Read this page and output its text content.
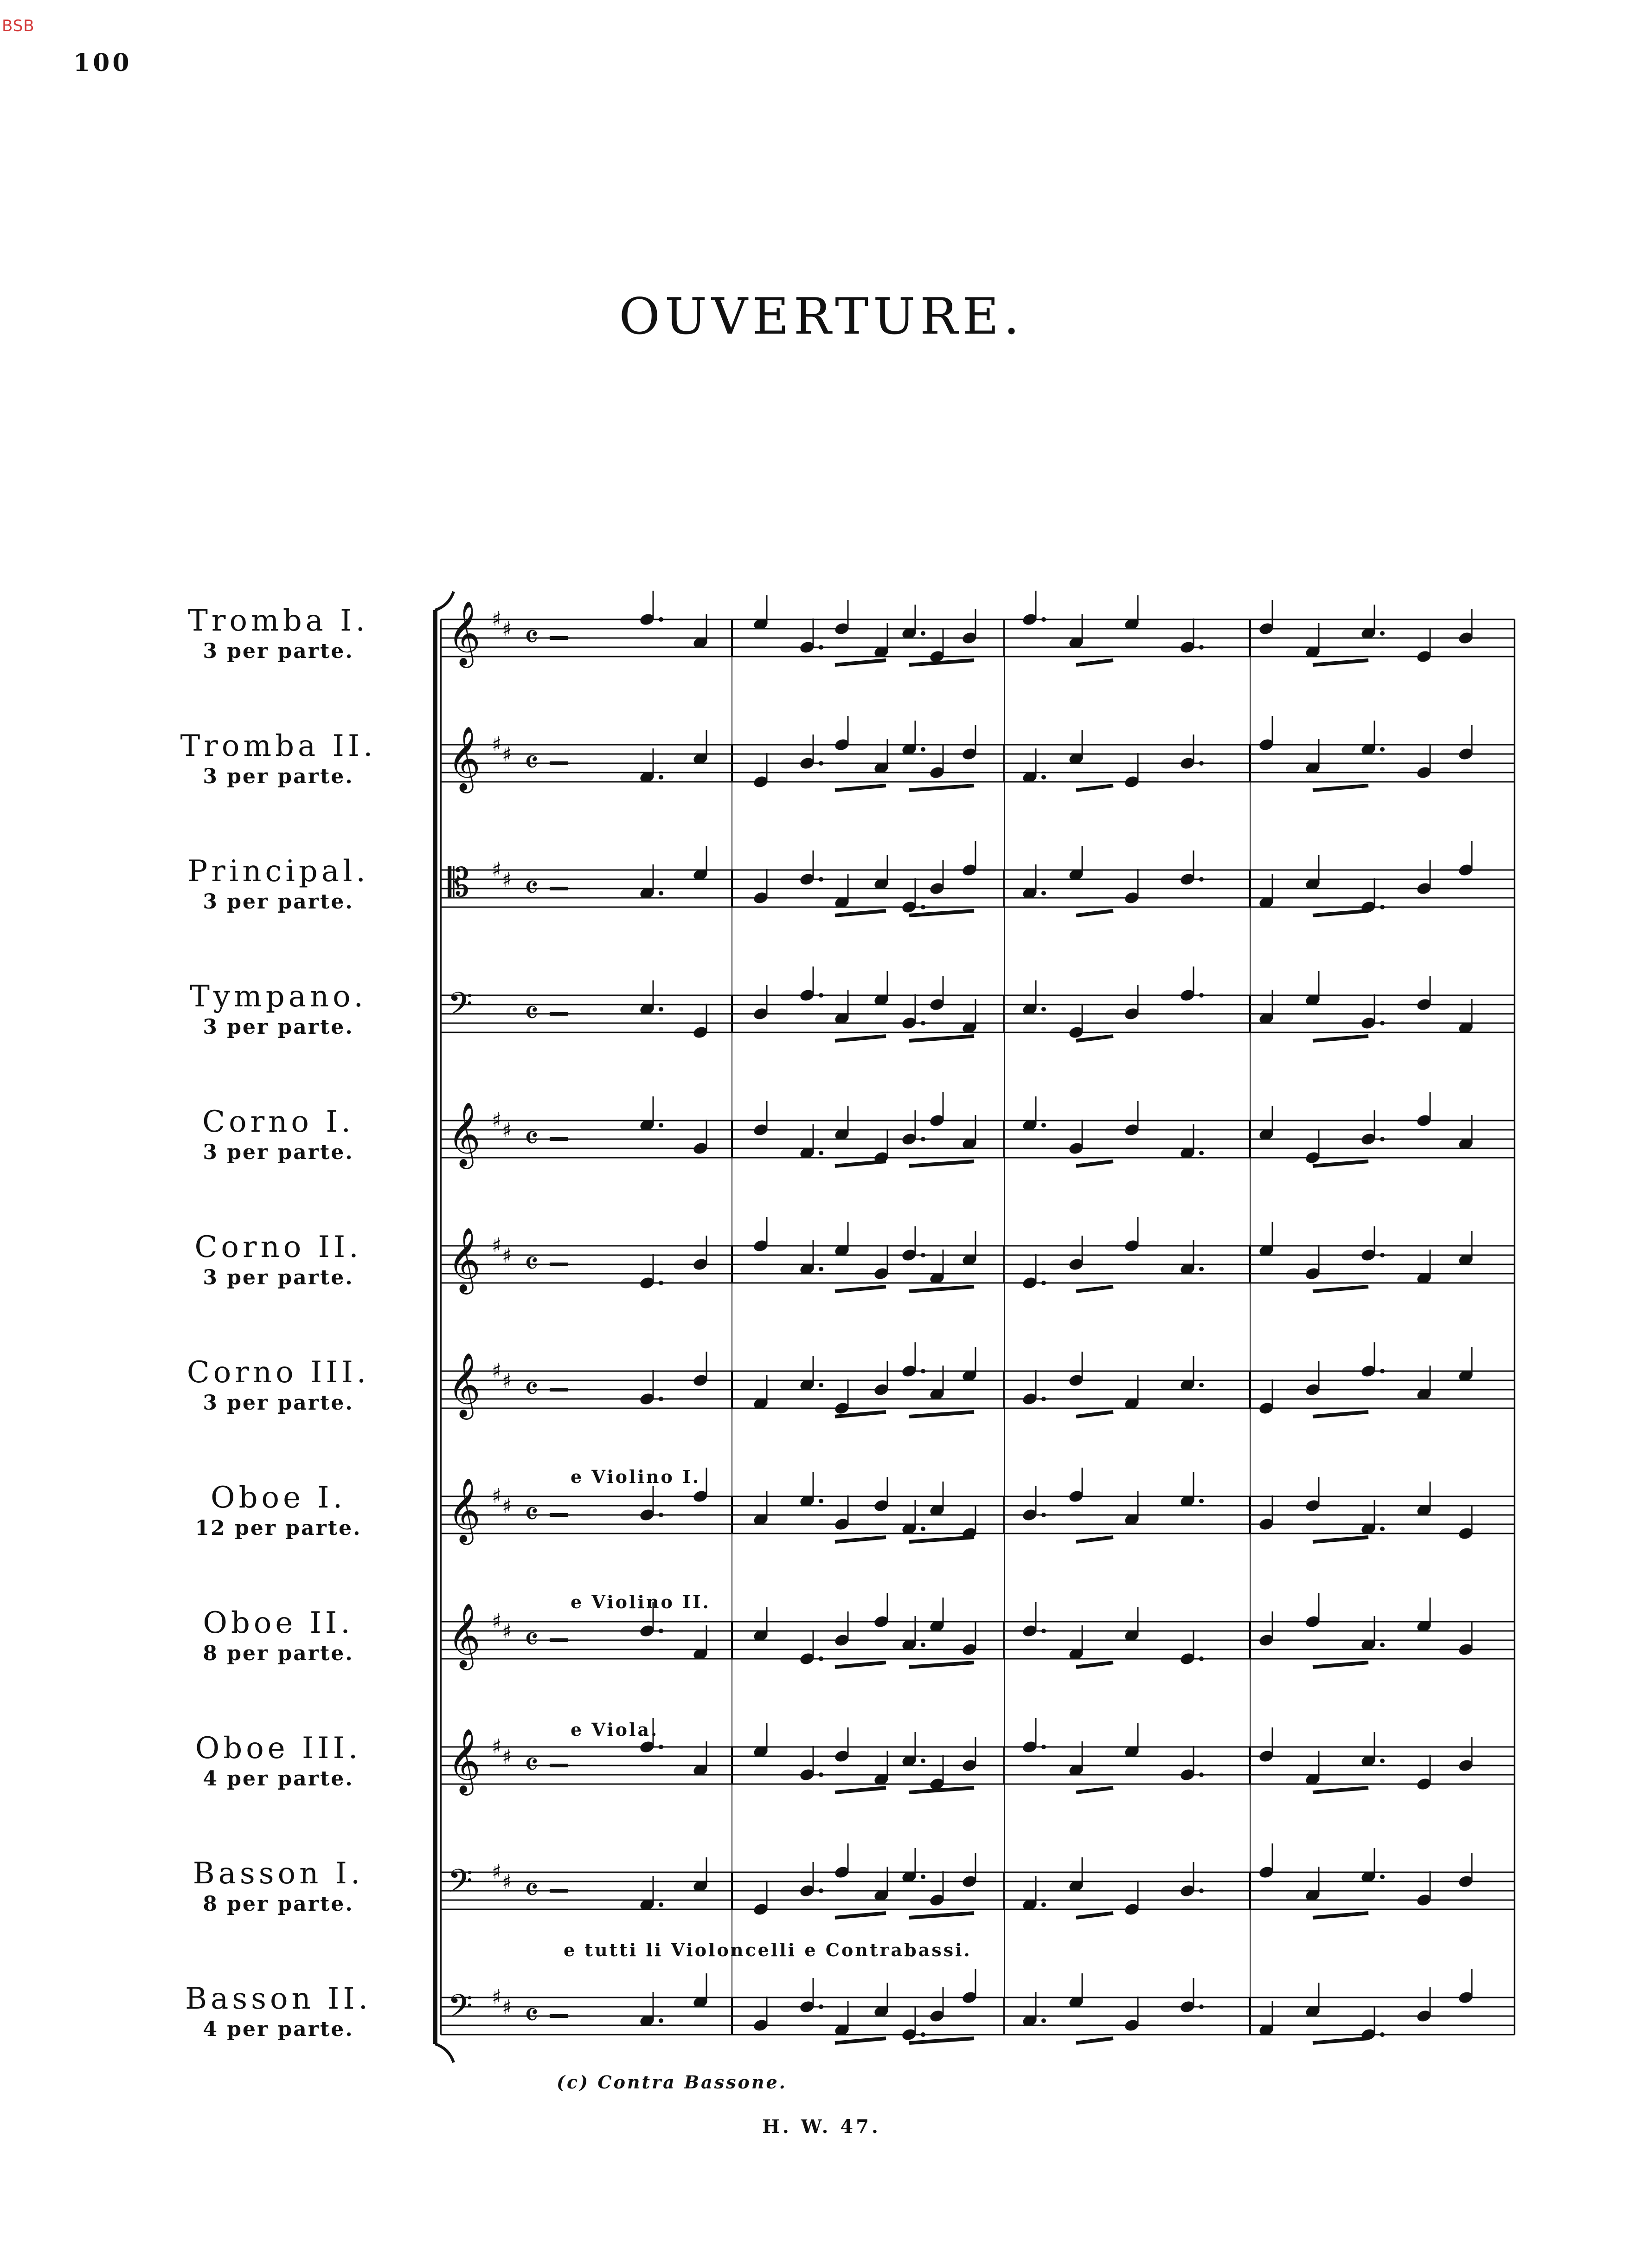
BSB
100
OUVERTURE.
Tromba I.
3 per parte.
Tromba II.
3 per parte.
Principal.
3 per parte.
Tympano.
3 per parte.
Corno I.
3 per parte.
Corno II.
3 per parte.
Corno III.
3 per parte.
Oboe I.
12 per parte.
Oboe II.
8 per parte.
Oboe III.
4 per parte.
Basson I.
8 per parte.
Basson II.
4 per parte.
𝄞 ♯ ♯ 𝄴
𝄞 ♯ ♯ 𝄴
𝄡 ♯ ♯ 𝄴
𝄢 𝄴
𝄞 ♯ ♯ 𝄴
𝄞 ♯ ♯ 𝄴
𝄞 ♯ ♯ 𝄴
𝄞 ♯ ♯ 𝄴
𝄞 ♯ ♯ 𝄴
𝄞 ♯ ♯ 𝄴
𝄢 ♯ ♯ 𝄴
𝄢 ♯ ♯ 𝄴
e Violino I.
e Violino II.
e Viola.
e tutti li Violoncelli e Contrabassi.
(c) Contra Bassone.
H. W. 47.
